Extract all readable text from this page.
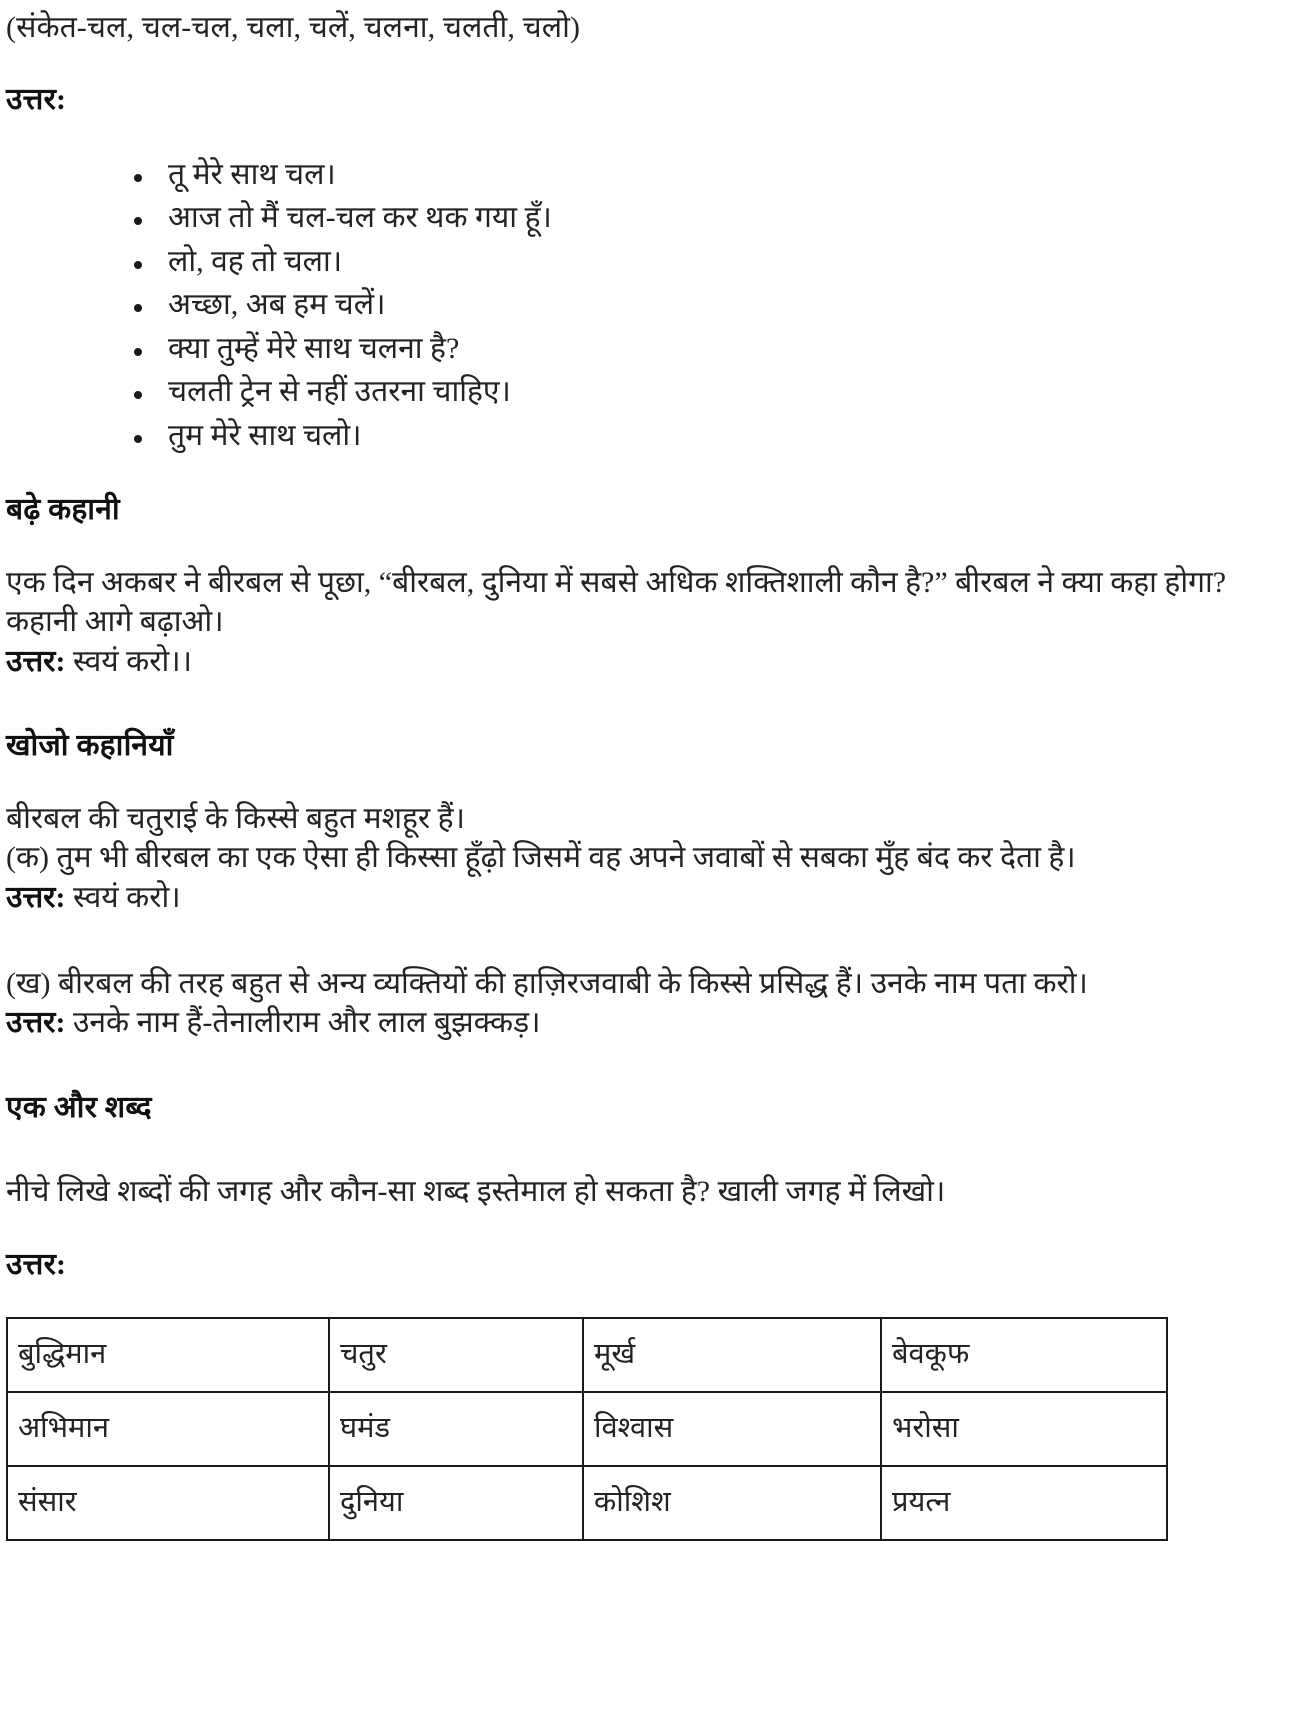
(संकेत-चल, चल-चल, चला, चलें, चलना, चलती, चलो)

उत्तर:

तू मेरे साथ चल।
आज तो मैं चल-चल कर थक गया हूँ।
लो, वह तो चला।
अच्छा, अब हम चलें।
क्या तुम्हें मेरे साथ चलना है?
चलती ट्रेन से नहीं उतरना चाहिए।
तुम मेरे साथ चलो।
बढ़े कहानी

एक दिन अकबर ने बीरबल से पूछा, “बीरबल, दुनिया में सबसे अधिक शक्तिशाली कौन है?” बीरबल ने क्या कहा होगा? कहानी आगे बढ़ाओ।

उत्तर: स्वयं करो।।

खोजो कहानियाँ

बीरबल की चतुराई के किस्से बहुत मशहूर हैं।

(क) तुम भी बीरबल का एक ऐसा ही किस्सा हूँढ़ो जिसमें वह अपने जवाबों से सबका मुँह बंद कर देता है।

उत्तर: स्वयं करो।

(ख) बीरबल की तरह बहुत से अन्य व्यक्तियों की हाज़िरजवाबी के किस्से प्रसिद्ध हैं। उनके नाम पता करो।

उत्तर: उनके नाम हैं-तेनालीराम और लाल बुझक्कड़।

एक और शब्द

नीचे लिखे शब्दों की जगह और कौन-सा शब्द इस्तेमाल हो सकता है? खाली जगह में लिखो।

उत्तर:

बुद्धिमान	चतुर	मूर्ख	बेवकूफ
अभिमान	घमंड	विश्वास	भरोसा
संसार	दुनिया	कोशिश	प्रयत्न
